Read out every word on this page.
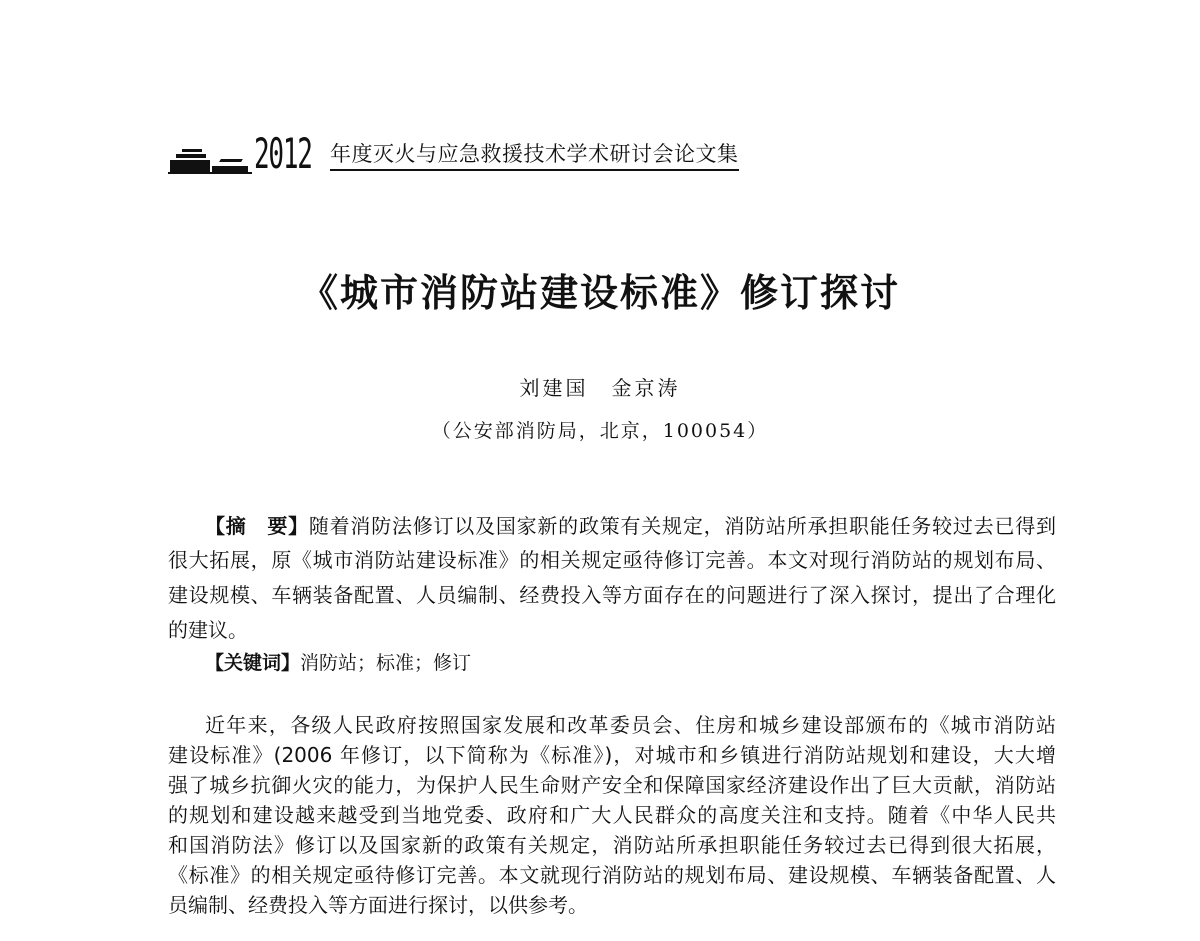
2012 年度灭火与应急救援技术学术研讨会论文集
《城市消防站建设标准》修订探讨
刘建国　金京涛
（公安部消防局，北京，100054）
【摘　要】随着消防法修订以及国家新的政策有关规定，消防站所承担职能任务较过去已得到
很大拓展，原《城市消防站建设标准》的相关规定亟待修订完善。本文对现行消防站的规划布局、
建设规模、车辆装备配置、人员编制、经费投入等方面存在的问题进行了深入探讨，提出了合理化
的建议。
【关键词】消防站；标准；修订
近年来，各级人民政府按照国家发展和改革委员会、住房和城乡建设部颁布的《城市消防站
建设标准》(2006 年修订，以下简称为《标准》)，对城市和乡镇进行消防站规划和建设，大大增
强了城乡抗御火灾的能力，为保护人民生命财产安全和保障国家经济建设作出了巨大贡献，消防站
的规划和建设越来越受到当地党委、政府和广大人民群众的高度关注和支持。随着《中华人民共
和国消防法》修订以及国家新的政策有关规定，消防站所承担职能任务较过去已得到很大拓展，
《标准》的相关规定亟待修订完善。本文就现行消防站的规划布局、建设规模、车辆装备配置、人
员编制、经费投入等方面进行探讨，以供参考。
